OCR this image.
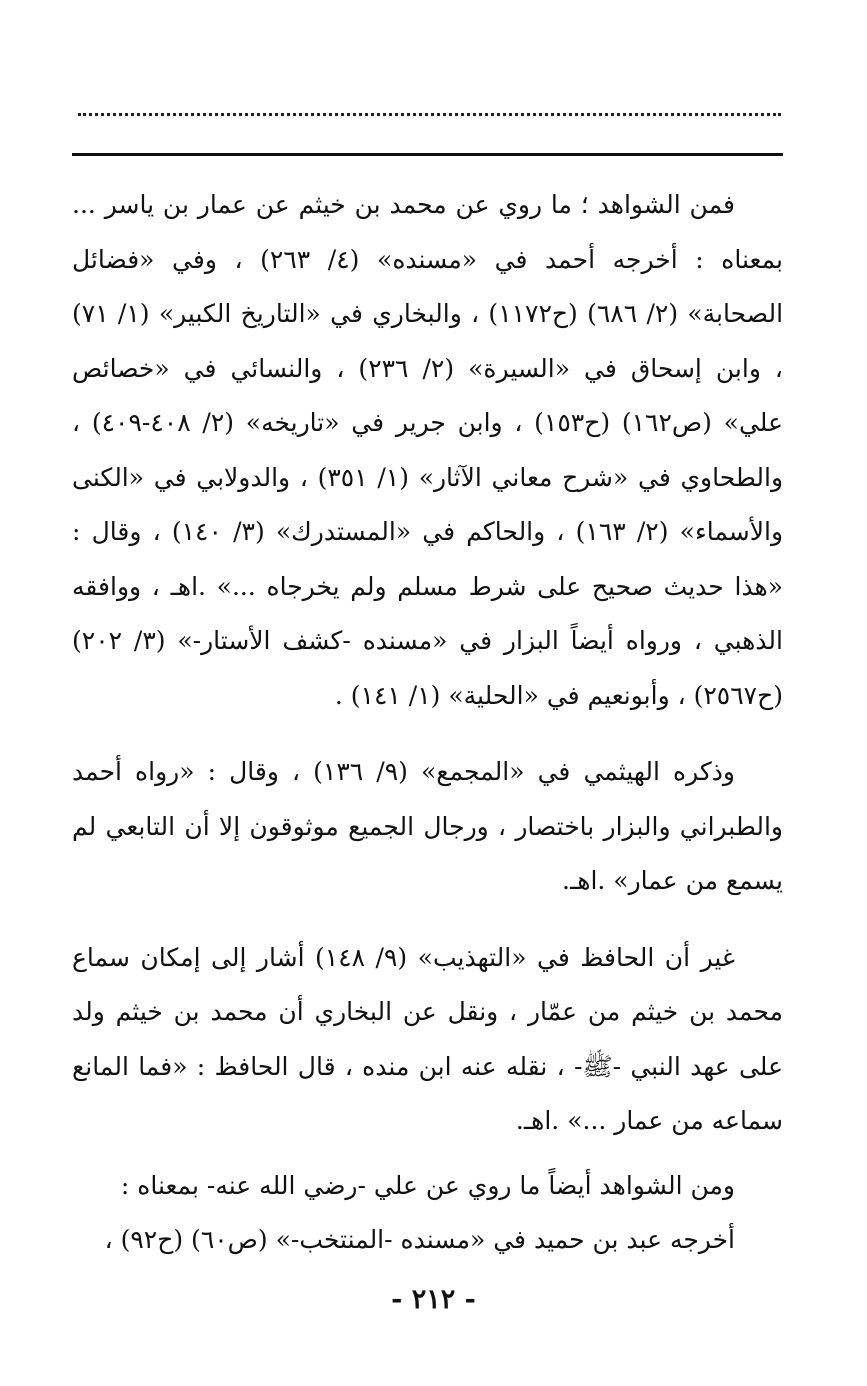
فمن الشواهد ؛ ما روي عن محمد بن خيثم عن عمار بن ياسر ... بمعناه : أخرجه أحمد في «مسنده» (٤/ ٢٦٣) ، وفي «فضائل الصحابة» (٢/ ٦٨٦) (ح١١٧٢) ، والبخاري في «التاريخ الكبير» (١/ ٧١) ، وابن إسحاق في «السيرة» (٢/ ٢٣٦) ، والنسائي في «خصائص علي» (ص١٦٢) (ح١٥٣) ، وابن جرير في «تاريخه» (٢/ ٤٠٨-٤٠٩) ، والطحاوي في «شرح معاني الآثار» (١/ ٣٥١) ، والدولابي في «الكنى والأسماء» (٢/ ١٦٣) ، والحاكم في «المستدرك» (٣/ ١٤٠) ، وقال : «هذا حديث صحيح على شرط مسلم ولم يخرجاه ...» .اهـ ، ووافقه الذهبي ، ورواه أيضاً البزار في «مسنده -كشف الأستار-» (٣/ ٢٠٢) (ح٢٥٦٧) ، وأبونعيم في «الحلية» (١/ ١٤١) .

وذكره الهيثمي في «المجمع» (٩/ ١٣٦) ، وقال : «رواه أحمد والطبراني والبزار باختصار ، ورجال الجميع موثوقون إلا أن التابعي لم يسمع من عمار» .اهـ.

غير أن الحافظ في «التهذيب» (٩/ ١٤٨) أشار إلى إمكان سماع محمد بن خيثم من عمّار ، ونقل عن البخاري أن محمد بن خيثم ولد على عهد النبي -ﷺ- ، نقله عنه ابن منده ، قال الحافظ : «فما المانع سماعه من عمار ...» .اهـ.

ومن الشواهد أيضاً ما روي عن علي -رضي الله عنه- بمعناه :

أخرجه عبد بن حميد في «مسنده -المنتخب-» (ص٦٠) (ح٩٢) ،

- ٢١٢ -
